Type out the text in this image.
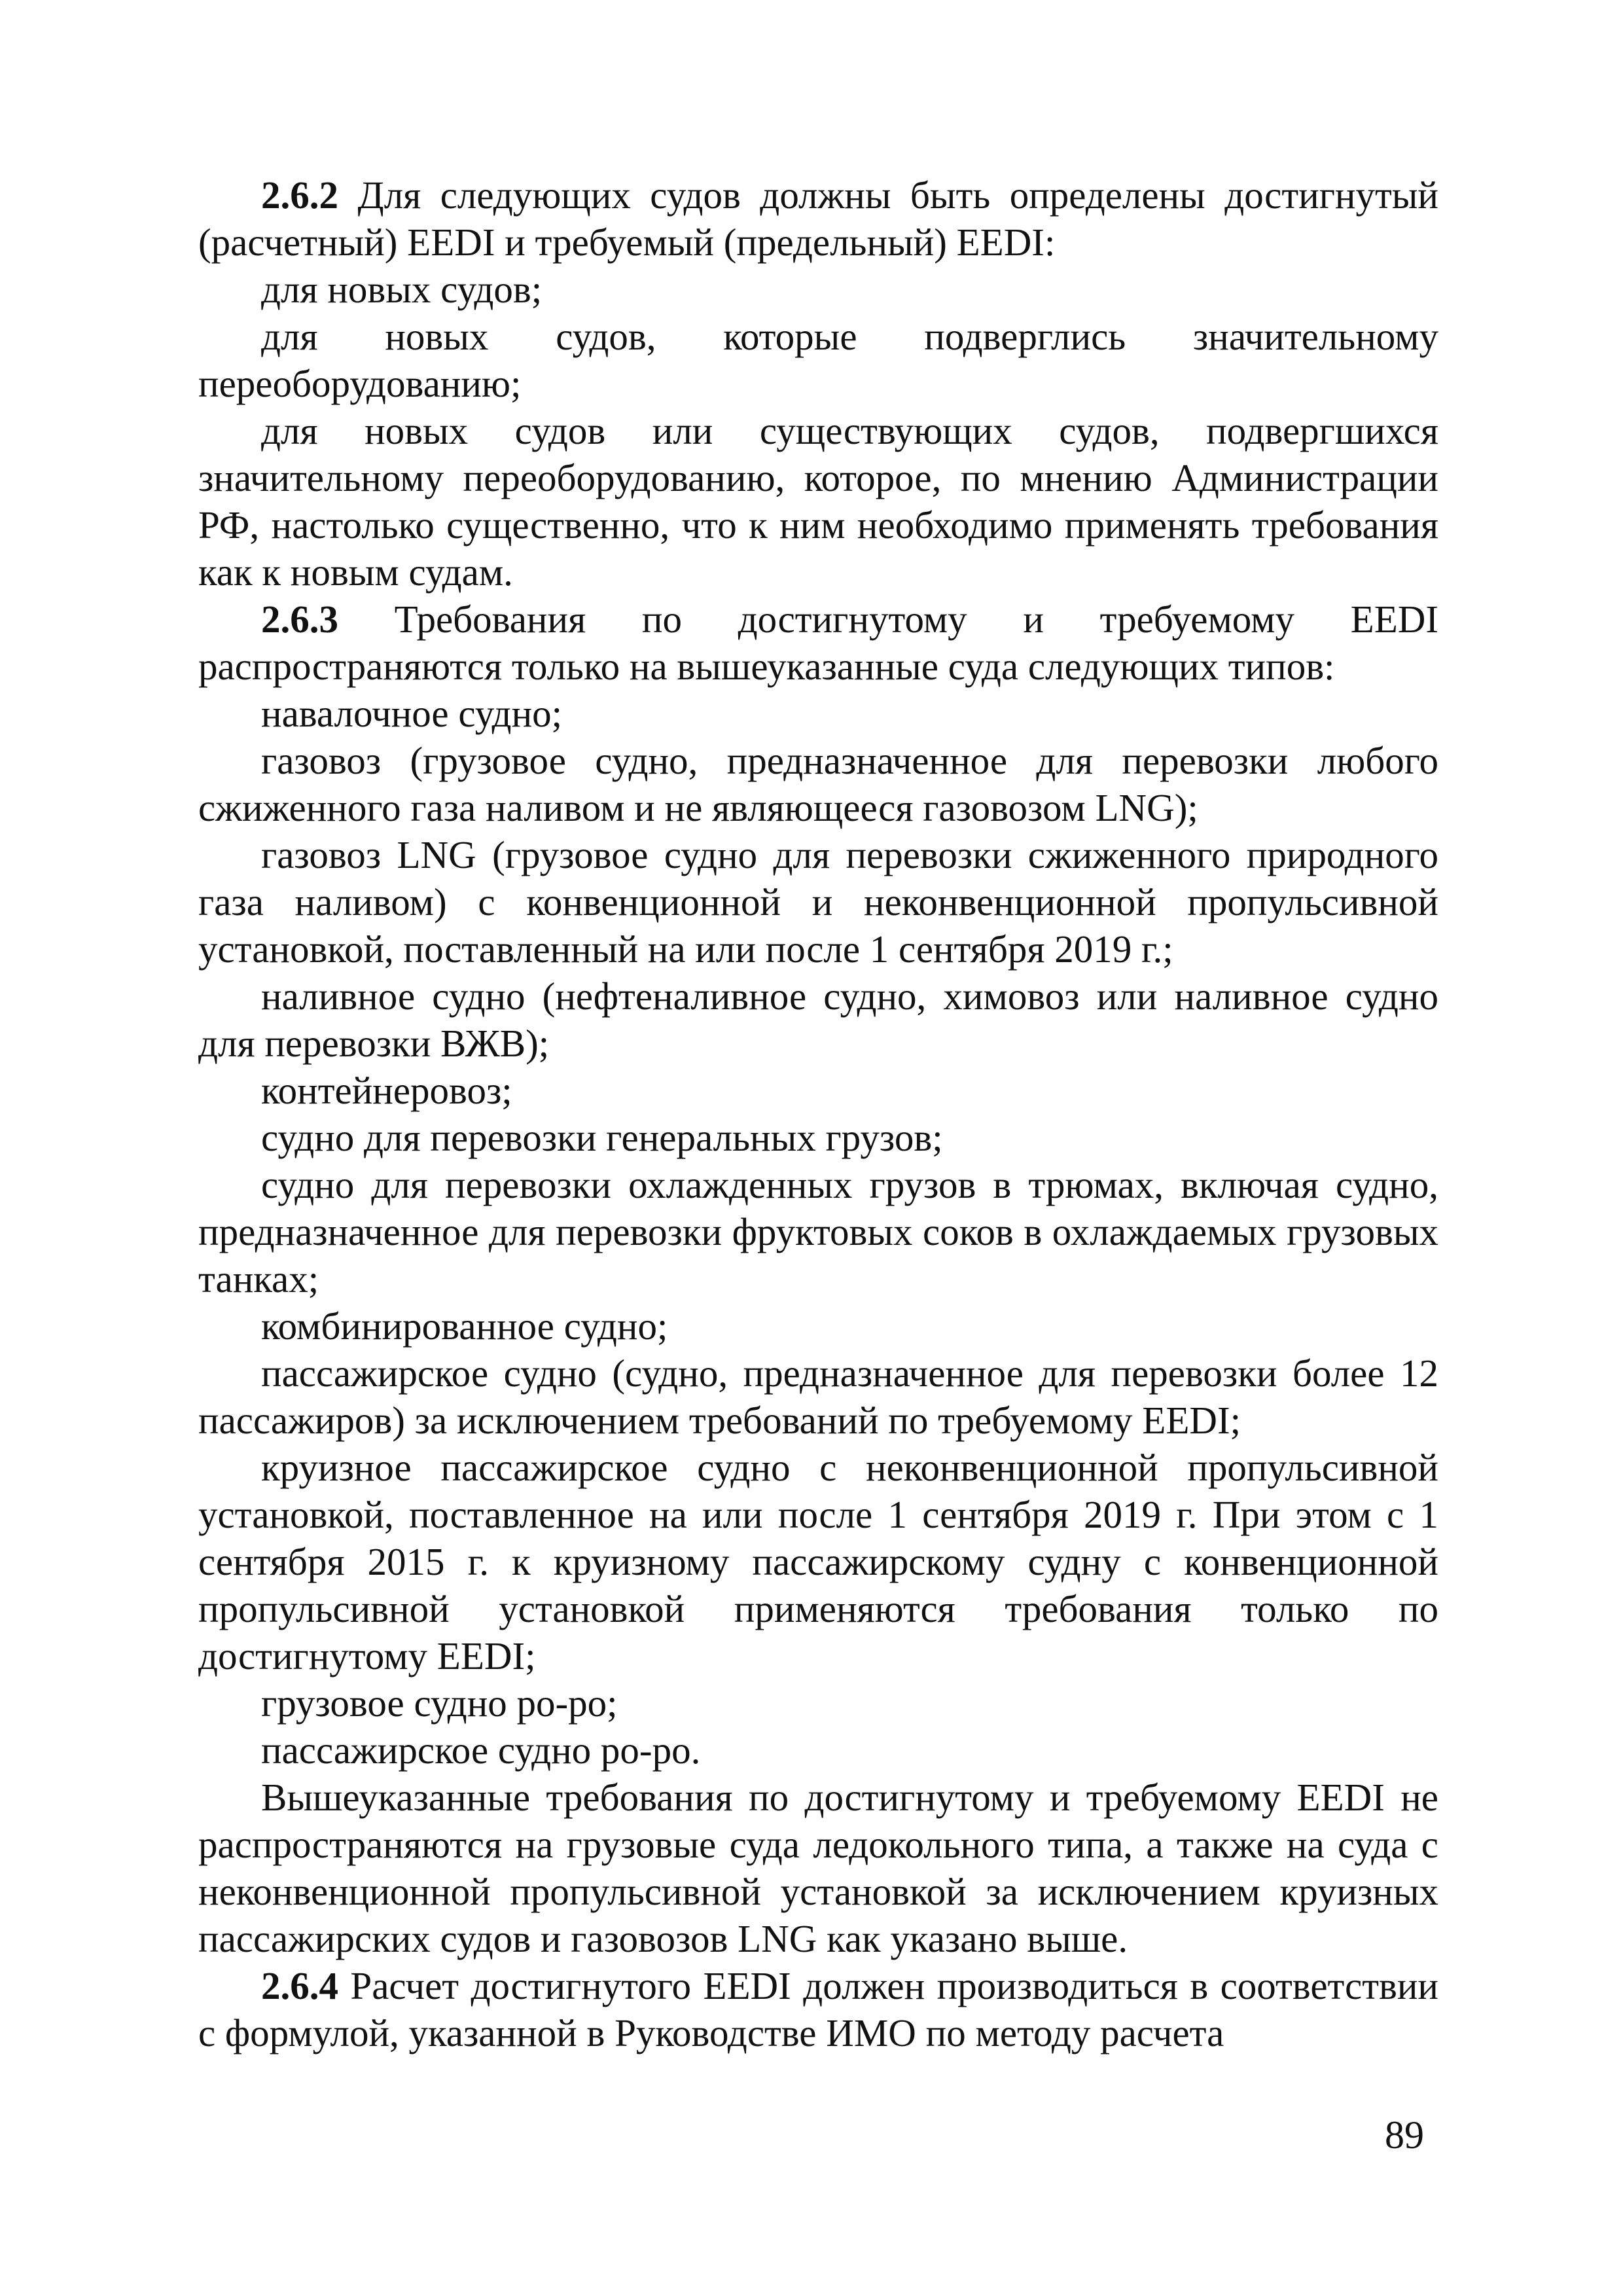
2.6.2 Для следующих судов должны быть определены достигнутый (расчетный) EEDI и требуемый (предельный) EEDI:

для новых судов;

для новых судов, которые подверглись значительному переоборудованию;

для новых судов или существующих судов, подвергшихся значительному переоборудованию, которое, по мнению Администрации РФ, настолько существенно, что к ним необходимо применять требования как к новым судам.

2.6.3 Требования по достигнутому и требуемому EEDI распространяются только на вышеуказанные суда следующих типов:

навалочное судно;

газовоз (грузовое судно, предназначенное для перевозки любого сжиженного газа наливом и не являющееся газовозом LNG);

газовоз LNG (грузовое судно для перевозки сжиженного природного газа наливом) с конвенционной и неконвенционной пропульсивной установкой, поставленный на или после 1 сентября 2019 г.;

наливное судно (нефтеналивное судно, химовоз или наливное судно для перевозки ВЖВ);

контейнеровоз;

судно для перевозки генеральных грузов;

судно для перевозки охлажденных грузов в трюмах, включая судно, предназначенное для перевозки фруктовых соков в охлаждаемых грузовых танках;

комбинированное судно;

пассажирское судно (судно, предназначенное для перевозки более 12 пассажиров) за исключением требований по требуемому EEDI;

круизное пассажирское судно с неконвенционной пропульсивной установкой, поставленное на или после 1 сентября 2019 г. При этом с 1 сентября 2015 г. к круизному пассажирскому судну с конвенционной пропульсивной установкой применяются требования только по достигнутому EEDI;

грузовое судно ро-ро;

пассажирское судно ро-ро.

Вышеуказанные требования по достигнутому и требуемому EEDI не распространяются на грузовые суда ледокольного типа, а также на суда с неконвенционной пропульсивной установкой за исключением круизных пассажирских судов и газовозов LNG как указано выше.

2.6.4 Расчет достигнутого EEDI должен производиться в соответствии с формулой, указанной в Руководстве ИМО по методу расчета

89
